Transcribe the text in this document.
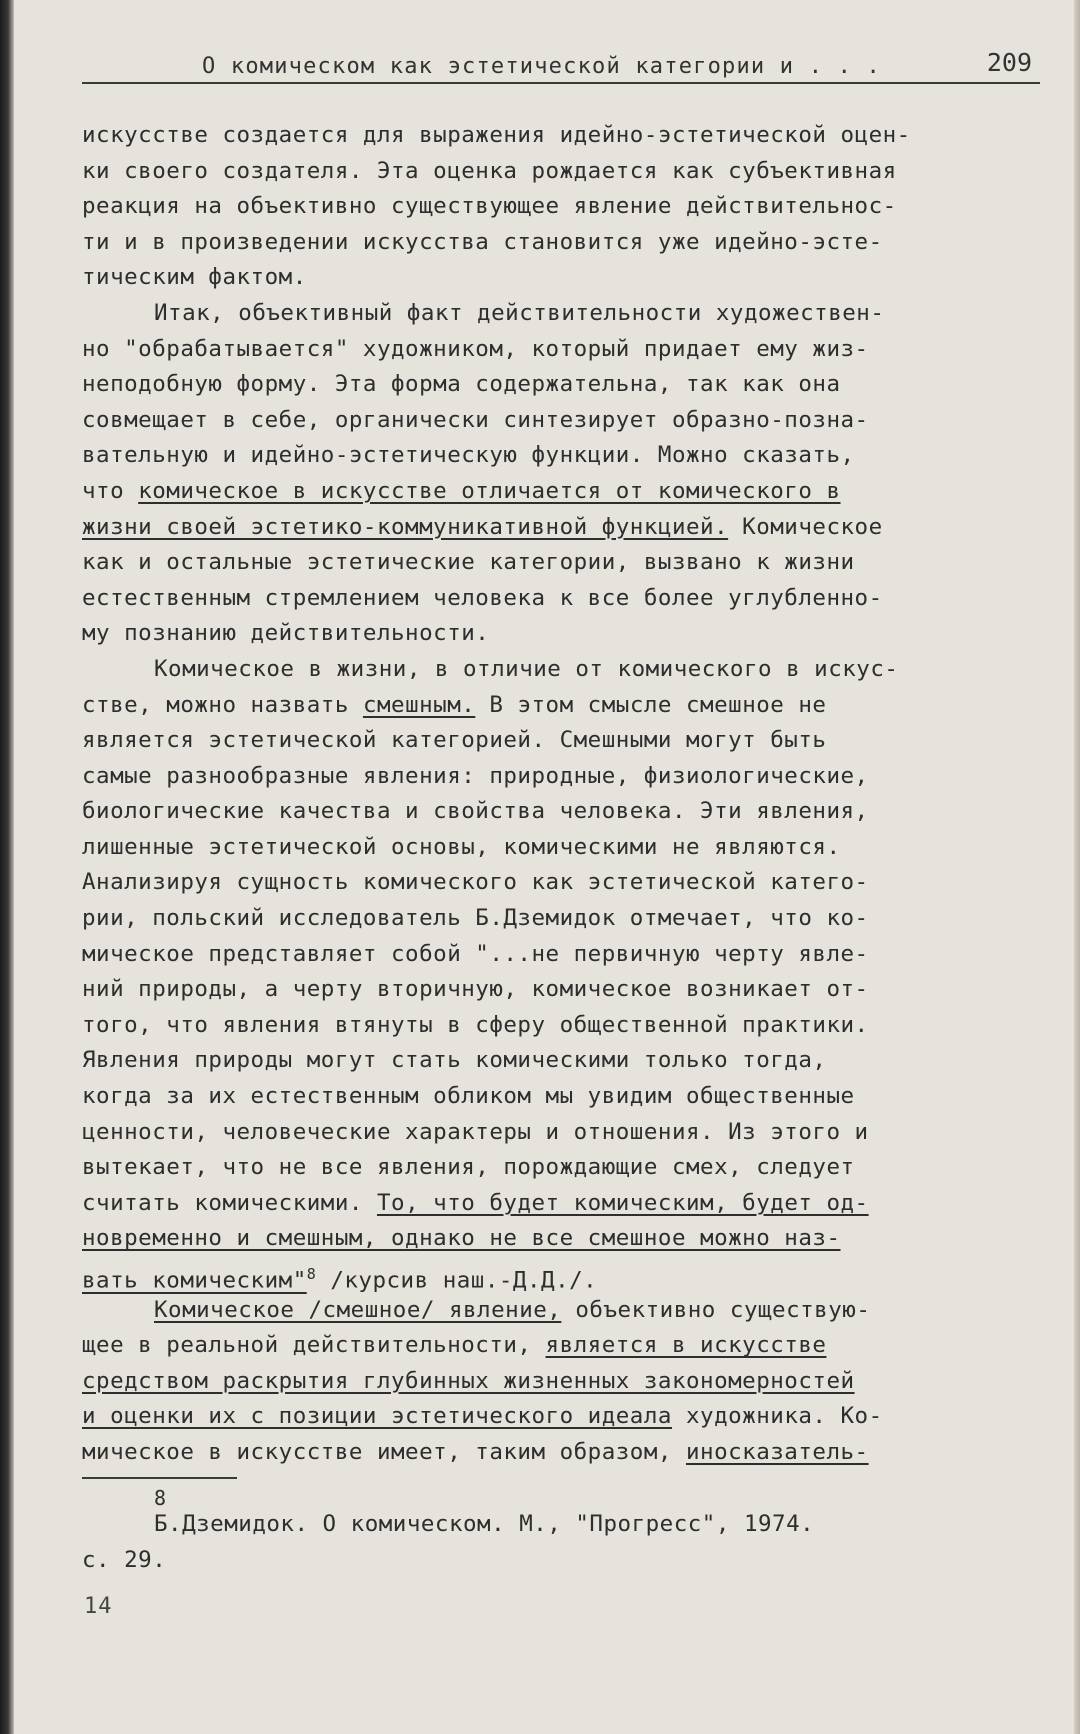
О комическом как эстетической категории и . . .	209
искусстве создается для выражения идейно-эстетической оцен-
ки своего создателя. Эта оценка рождается как субъективная
реакция на объективно существующее явление действительнос-
ти и в произведении искусства становится уже идейно-эсте-
тическим фактом.
Итак, объективный факт действительности художествен-
но "обрабатывается" художником, который придает ему жиз-
неподобную форму. Эта форма содержательна, так как она
совмещает в себе, органически синтезирует образно-позна-
вательную и идейно-эстетическую функции. Можно сказать,
что комическое в искусстве отличается от комического в
жизни своей эстетико-коммуникативной функцией. Комическое
как и остальные эстетические категории, вызвано к жизни
естественным стремлением человека к все более углубленно-
му познанию действительности.
Комическое в жизни, в отличие от комического в искус-
стве, можно назвать смешным. В этом смысле смешное не
является эстетической категорией. Смешными могут быть
самые разнообразные явления: природные, физиологические,
биологические качества и свойства человека. Эти явления,
лишенные эстетической основы, комическими не являются.
Анализируя сущность комического как эстетической катего-
рии, польский исследователь Б.Дземидок отмечает, что ко-
мическое представляет собой "...не первичную черту явле-
ний природы, а черту вторичную, комическое возникает от-
того, что явления втянуты в сферу общественной практики.
Явления природы могут стать комическими только тогда,
когда за их естественным обликом мы увидим общественные
ценности, человеческие характеры и отношения. Из этого и
вытекает, что не все явления, порождающие смех, следует
считать комическими. То, что будет комическим, будет од-
новременно и смешным, однако не все смешное можно наз-
вать комическим"$^8$ /курсив наш.-Д.Д./.
Комическое /смешное/ явление, объективно существую-
щее в реальной действительности, является в искусстве
средством раскрытия глубинных жизненных закономерностей
и оценки их с позиции эстетического идеала художника. Ко-
мическое в искусстве имеет, таким образом, иносказатель-
8
Б.Дземидок. О комическом. М., "Прогресс", 1974.
с. 29.
14
